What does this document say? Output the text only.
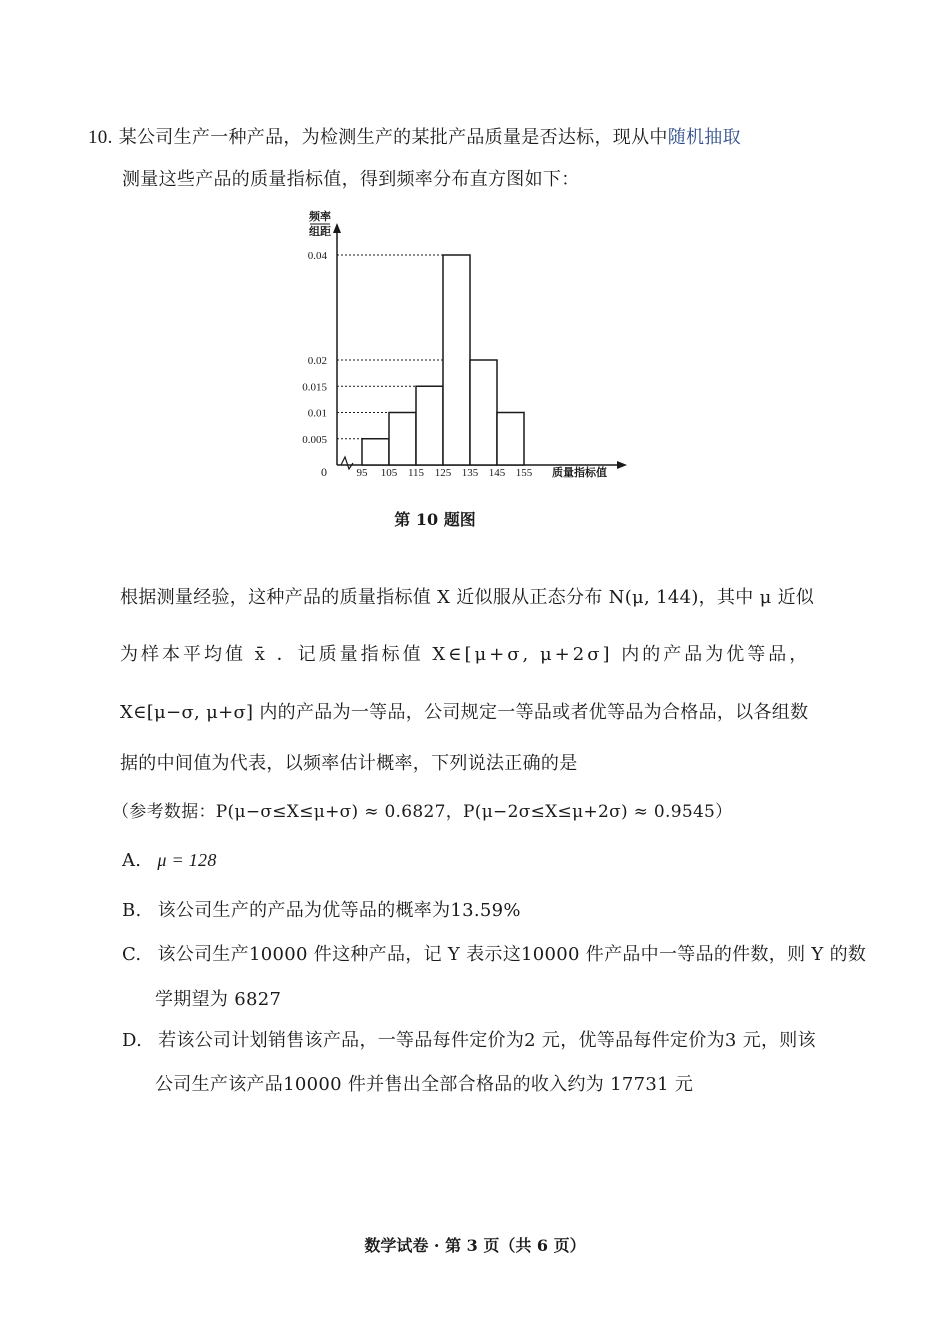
10. 某公司生产一种产品，为检测生产的某批产品质量是否达标，现从中随机抽取
测量这些产品的质量指标值，得到频率分布直方图如下：
0.005
0.01
0.015
0.02
0.04
95 105 115 125 135 145 155
频率
组距
质量指标值
0
第 10 题图
根据测量经验，这种产品的质量指标值 X 近似服从正态分布 N(μ, 144)，其中 μ 近似
为样本平均值 x̄ ．记质量指标值 X∈[μ+σ, μ+2σ] 内的产品为优等品，
X∈[μ−σ, μ+σ] 内的产品为一等品，公司规定一等品或者优等品为合格品，以各组数
据的中间值为代表，以频率估计概率，下列说法正确的是
（参考数据：P(μ−σ≤X≤μ+σ) ≈ 0.6827，P(μ−2σ≤X≤μ+2σ) ≈ 0.9545）
A. μ = 128
B. 该公司生产的产品为优等品的概率为13.59%
C. 该公司生产10000 件这种产品，记 Y 表示这10000 件产品中一等品的件数，则 Y 的数
学期望为 6827
D. 若该公司计划销售该产品，一等品每件定价为2 元，优等品每件定价为3 元，则该
公司生产该产品10000 件并售出全部合格品的收入约为 17731 元
数学试卷 · 第 3 页（共 6 页）
